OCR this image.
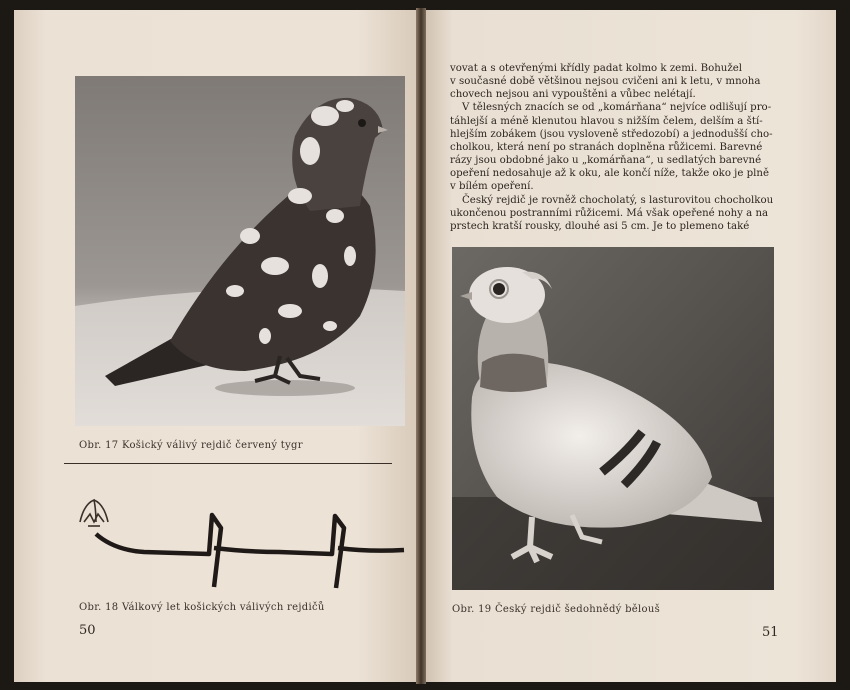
Obr. 17 Košický válivý rejdič červený tygr
Obr. 18 Válkový let košických válivých rejdičů
50
vovat a s otevřenými křídly padat kolmo k zemi. Bohužel
v současné době většinou nejsou cvičeni ani k letu, v mnoha
chovech nejsou ani vypouštěni a vůbec nelétají.
V tělesných znacích se od „komárňana“ nejvíce odlišují pro-
táhlejší a méně klenutou hlavou s nižším čelem, delším a ští-
hlejším zobákem (jsou vysloveně středozobí) a jednodušší cho-
cholkou, která není po stranách doplněna růžicemi. Barevné
rázy jsou obdobné jako u „komárňana“, u sedlatých barevné
opeření nedosahuje až k oku, ale končí níže, takže oko je plně
v bílém opeření.
Český rejdič je rovněž chocholatý, s lasturovitou chocholkou
ukončenou postranními růžicemi. Má však opeřené nohy a na
prstech kratší rousky, dlouhé asi 5 cm. Je to plemeno také
Obr. 19 Český rejdič šedohnědý bělouš
51
